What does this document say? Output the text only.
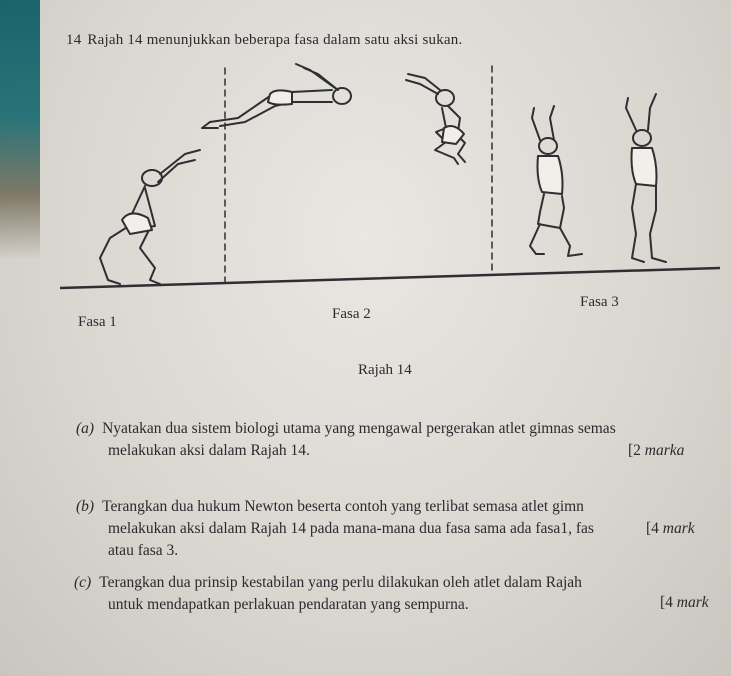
14 Rajah 14 menunjukkan beberapa fasa dalam satu aksi sukan.
Fasa 1	Fasa 2
Fasa 3
Rajah 14
(a) Nyatakan dua sistem biologi utama yang mengawal pergerakan atlet gimnas semas
melakukan aksi dalam Rajah 14.	[2 marka
(b) Terangkan dua hukum Newton beserta contoh yang terlibat semasa atlet gimn
melakukan aksi dalam Rajah 14 pada mana-mana dua fasa sama ada fasa1, fas
atau fasa 3.
[4 mark
(c) Terangkan dua prinsip kestabilan yang perlu dilakukan oleh atlet dalam Rajah
untuk mendapatkan perlakuan pendaratan yang sempurna.	[4 mark
